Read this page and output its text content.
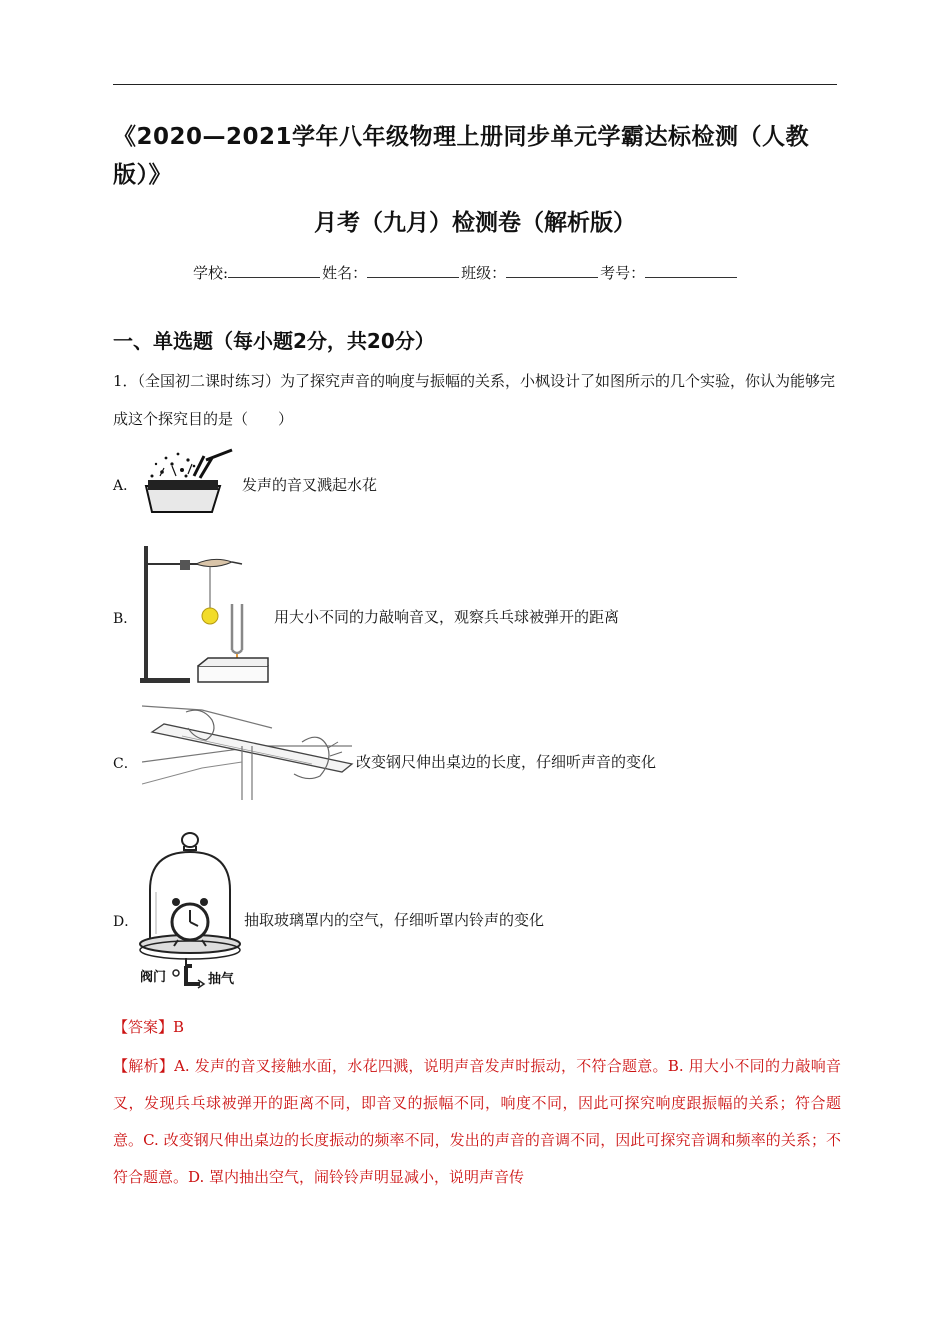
《2020—2021学年八年级物理上册同步单元学霸达标检测（人教版）》
月考（九月）检测卷（解析版）
学校:	姓名：	班级：	考号：
一、单选题（每小题2分，共20分）
1．（全国初二课时练习）为了探究声音的响度与振幅的关系，小枫设计了如图所示的几个实验，你认为能够完成这个探究目的是（　　）
A．	发声的音叉溅起水花
B．	用大小不同的力敲响音叉，观察兵乓球被弹开的距离
C．	改变钢尺伸出桌边的长度，仔细听声音的变化
D．
阀门	抽气
抽取玻璃罩内的空气，仔细听罩内铃声的变化
【答案】B
【解析】A. 发声的音叉接触水面，水花四溅，说明声音发声时振动，不符合题意。B. 用大小不同的力敲响音叉，发现兵乓球被弹开的距离不同，即音叉的振幅不同，响度不同，因此可探究响度跟振幅的关系；符合题意。C. 改变钢尺伸出桌边的长度振动的频率不同，发出的声音的音调不同，因此可探究音调和频率的关系；不符合题意。D. 罩内抽出空气，闹铃铃声明显减小，说明声音传
